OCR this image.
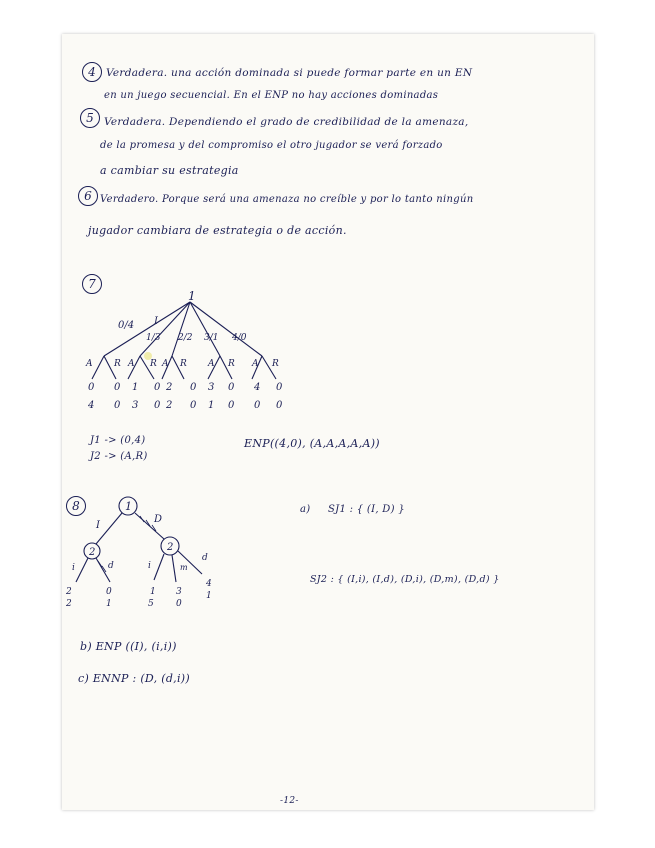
4 Verdadera. una acción dominada si puede formar parte en un EN
en un juego secuencial. En el ENP no hay acciones dominadas
5 Verdadera. Dependiendo el grado de credibilidad de la amenaza,
de la promesa y del compromiso el otro jugador se verá forzado
a cambiar su estrategia
6 Verdadero. Porque será una amenaza no creíble y por lo tanto ningún
jugador cambiara de estrategia o de acción.
7
1
0/4 I
1/3 2/2 3/1 4/0
A R A R A R A R A R
0 0 1 0 2 0 3 0 4 0
4 0 3 0 2 0 1 0 0 0
1
2	2
I
D
i	d	i	m
d
2	0	1 3
4
2	1	5 0
1
J1 -> (0,4)
J2 -> (A,R)
ENP((4,0), (A,A,A,A,A))
8	a) SJ1 : { (I, D) }
SJ2 : { (I,i), (I,d), (D,i), (D,m), (D,d) }
b) ENP ((I), (i,i))
c) ENNP : (D, (d,i))
-12-
